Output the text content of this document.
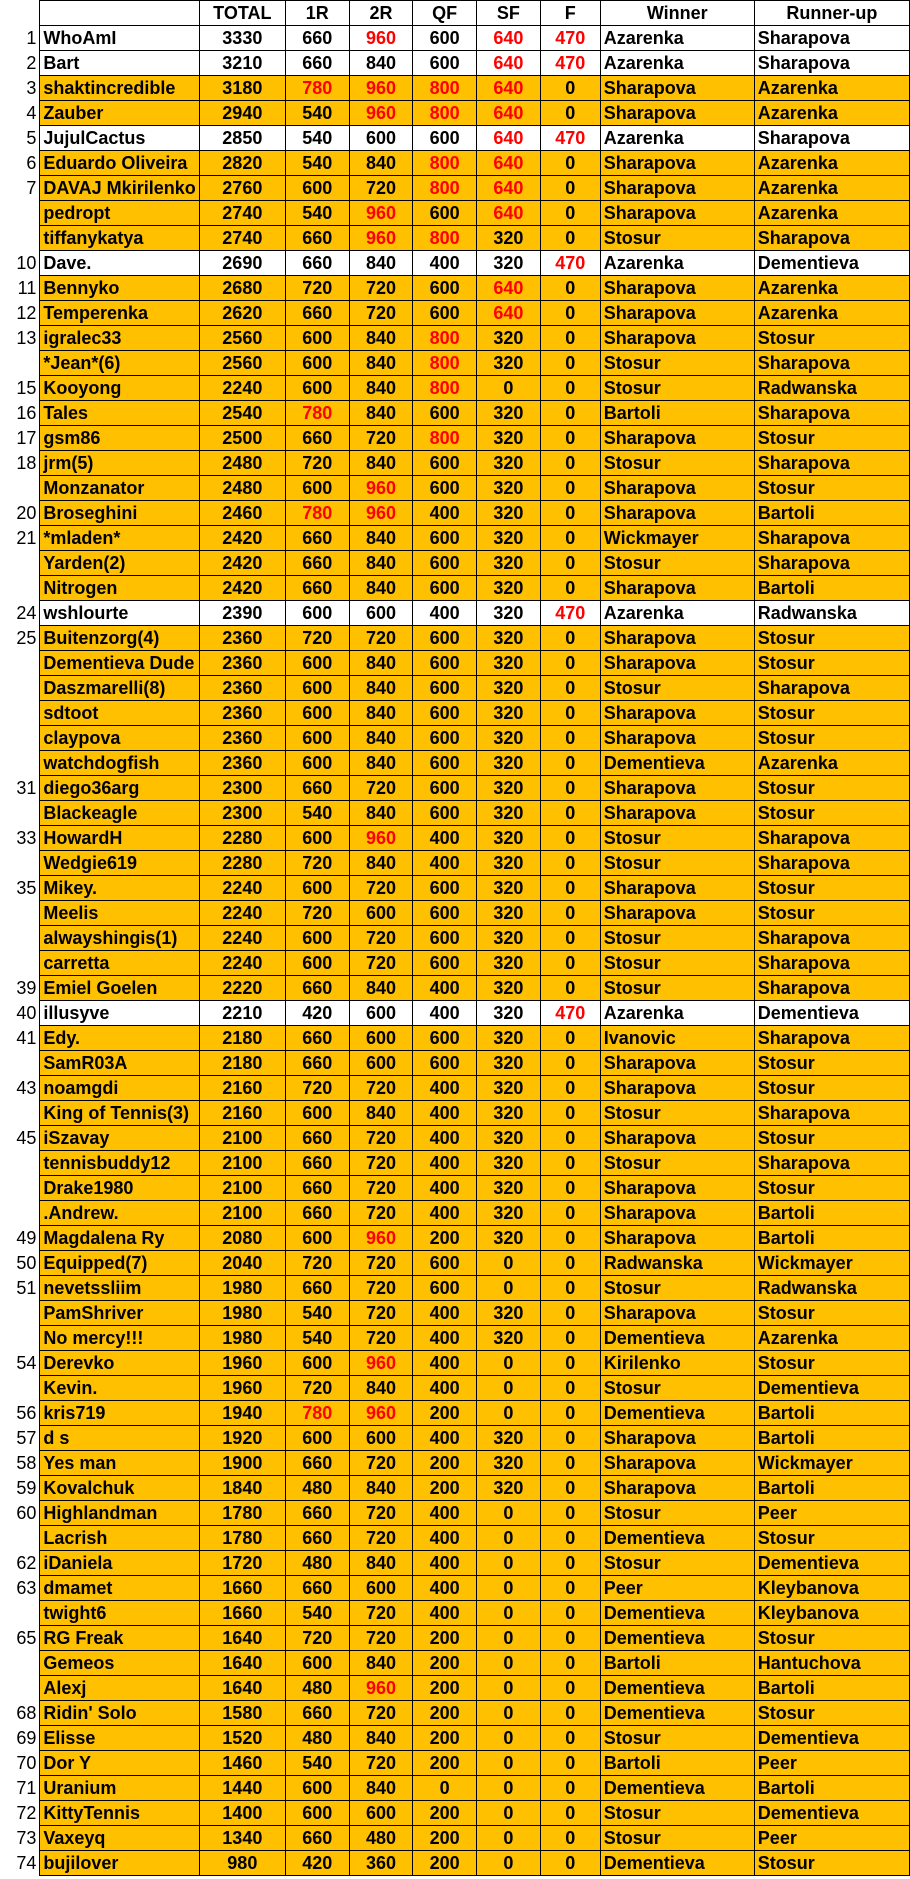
		TOTAL	1R	2R	QF	SF	F	Winner	Runner-up
1	WhoAmI	3330	660	960	600	640	470	Azarenka	Sharapova
2	Bart	3210	660	840	600	640	470	Azarenka	Sharapova
3	shaktincredible	3180	780	960	800	640	0	Sharapova	Azarenka
4	Zauber	2940	540	960	800	640	0	Sharapova	Azarenka
5	JujulCactus	2850	540	600	600	640	470	Azarenka	Sharapova
6	Eduardo Oliveira	2820	540	840	800	640	0	Sharapova	Azarenka
7	DAVAJ Mkirilenko	2760	600	720	800	640	0	Sharapova	Azarenka
	pedropt	2740	540	960	600	640	0	Sharapova	Azarenka
	tiffanykatya	2740	660	960	800	320	0	Stosur	Sharapova
10	Dave.	2690	660	840	400	320	470	Azarenka	Dementieva
11	Bennyko	2680	720	720	600	640	0	Sharapova	Azarenka
12	Temperenka	2620	660	720	600	640	0	Sharapova	Azarenka
13	igralec33	2560	600	840	800	320	0	Sharapova	Stosur
	*Jean*(6)	2560	600	840	800	320	0	Stosur	Sharapova
15	Kooyong	2240	600	840	800	0	0	Stosur	Radwanska
16	Tales	2540	780	840	600	320	0	Bartoli	Sharapova
17	gsm86	2500	660	720	800	320	0	Sharapova	Stosur
18	jrm(5)	2480	720	840	600	320	0	Stosur	Sharapova
	Monzanator	2480	600	960	600	320	0	Sharapova	Stosur
20	Broseghini	2460	780	960	400	320	0	Sharapova	Bartoli
21	*mladen*	2420	660	840	600	320	0	Wickmayer	Sharapova
	Yarden(2)	2420	660	840	600	320	0	Stosur	Sharapova
	Nitrogen	2420	660	840	600	320	0	Sharapova	Bartoli
24	wshlourte	2390	600	600	400	320	470	Azarenka	Radwanska
25	Buitenzorg(4)	2360	720	720	600	320	0	Sharapova	Stosur
	Dementieva Dude	2360	600	840	600	320	0	Sharapova	Stosur
	Daszmarelli(8)	2360	600	840	600	320	0	Stosur	Sharapova
	sdtoot	2360	600	840	600	320	0	Sharapova	Stosur
	claypova	2360	600	840	600	320	0	Sharapova	Stosur
	watchdogfish	2360	600	840	600	320	0	Dementieva	Azarenka
31	diego36arg	2300	660	720	600	320	0	Sharapova	Stosur
	Blackeagle	2300	540	840	600	320	0	Sharapova	Stosur
33	HowardH	2280	600	960	400	320	0	Stosur	Sharapova
	Wedgie619	2280	720	840	400	320	0	Stosur	Sharapova
35	Mikey.	2240	600	720	600	320	0	Sharapova	Stosur
	Meelis	2240	720	600	600	320	0	Sharapova	Stosur
	alwayshingis(1)	2240	600	720	600	320	0	Stosur	Sharapova
	carretta	2240	600	720	600	320	0	Stosur	Sharapova
39	Emiel Goelen	2220	660	840	400	320	0	Stosur	Sharapova
40	illusyve	2210	420	600	400	320	470	Azarenka	Dementieva
41	Edy.	2180	660	600	600	320	0	Ivanovic	Sharapova
	SamR03A	2180	660	600	600	320	0	Sharapova	Stosur
43	noamgdi	2160	720	720	400	320	0	Sharapova	Stosur
	King of Tennis(3)	2160	600	840	400	320	0	Stosur	Sharapova
45	iSzavay	2100	660	720	400	320	0	Sharapova	Stosur
	tennisbuddy12	2100	660	720	400	320	0	Stosur	Sharapova
	Drake1980	2100	660	720	400	320	0	Sharapova	Stosur
	.Andrew.	2100	660	720	400	320	0	Sharapova	Bartoli
49	Magdalena Ry	2080	600	960	200	320	0	Sharapova	Bartoli
50	Equipped(7)	2040	720	720	600	0	0	Radwanska	Wickmayer
51	nevetssliim	1980	660	720	600	0	0	Stosur	Radwanska
	PamShriver	1980	540	720	400	320	0	Sharapova	Stosur
	No mercy!!!	1980	540	720	400	320	0	Dementieva	Azarenka
54	Derevko	1960	600	960	400	0	0	Kirilenko	Stosur
	Kevin.	1960	720	840	400	0	0	Stosur	Dementieva
56	kris719	1940	780	960	200	0	0	Dementieva	Bartoli
57	d s	1920	600	600	400	320	0	Sharapova	Bartoli
58	Yes man	1900	660	720	200	320	0	Sharapova	Wickmayer
59	Kovalchuk	1840	480	840	200	320	0	Sharapova	Bartoli
60	Highlandman	1780	660	720	400	0	0	Stosur	Peer
	Lacrish	1780	660	720	400	0	0	Dementieva	Stosur
62	iDaniela	1720	480	840	400	0	0	Stosur	Dementieva
63	dmamet	1660	660	600	400	0	0	Peer	Kleybanova
	twight6	1660	540	720	400	0	0	Dementieva	Kleybanova
65	RG Freak	1640	720	720	200	0	0	Dementieva	Stosur
	Gemeos	1640	600	840	200	0	0	Bartoli	Hantuchova
	Alexj	1640	480	960	200	0	0	Dementieva	Bartoli
68	Ridin' Solo	1580	660	720	200	0	0	Dementieva	Stosur
69	Elisse	1520	480	840	200	0	0	Stosur	Dementieva
70	Dor Y	1460	540	720	200	0	0	Bartoli	Peer
71	Uranium	1440	600	840	0	0	0	Dementieva	Bartoli
72	KittyTennis	1400	600	600	200	0	0	Stosur	Dementieva
73	Vaxeyq	1340	660	480	200	0	0	Stosur	Peer
74	bujilover	980	420	360	200	0	0	Dementieva	Stosur
